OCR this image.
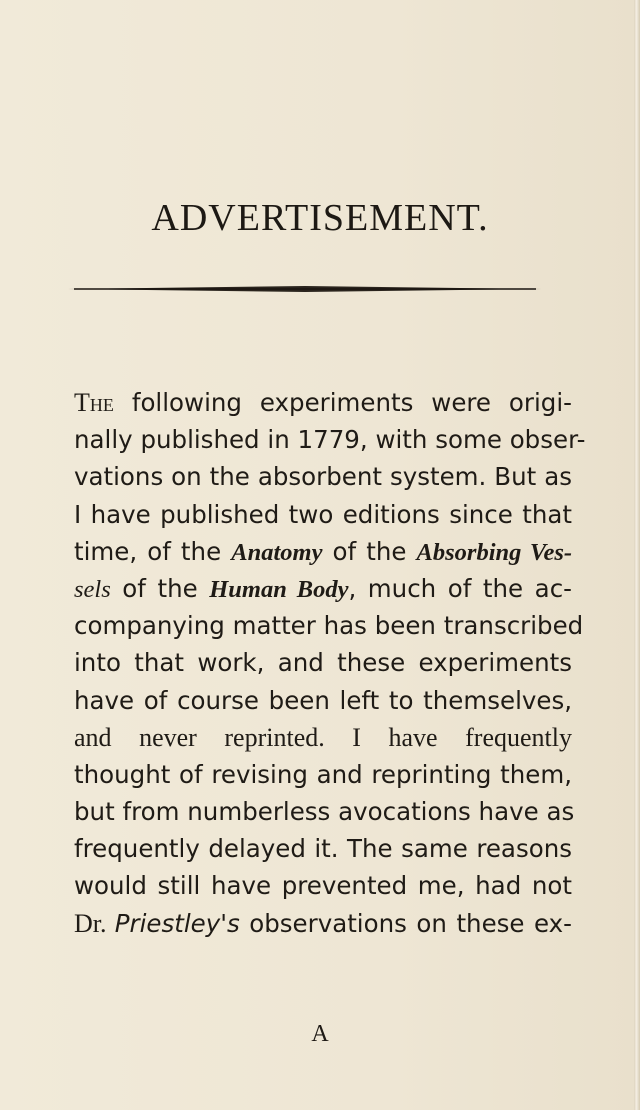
ADVERTISEMENT.
The following experiments were origi-
nally published in 1779, with some obser-
vations on the absorbent system. But as
I have published two editions since that
time, of the Anatomy of the Absorbing Ves-
sels of the Human Body, much of the ac-
companying matter has been transcribed
into that work, and these experiments
have of course been left to themselves,
and never reprinted. I have frequently
thought of revising and reprinting them,
but from numberless avocations have as
frequently delayed it. The same reasons
would still have prevented me, had not
Dr. Priestley's observations on these ex-
A
